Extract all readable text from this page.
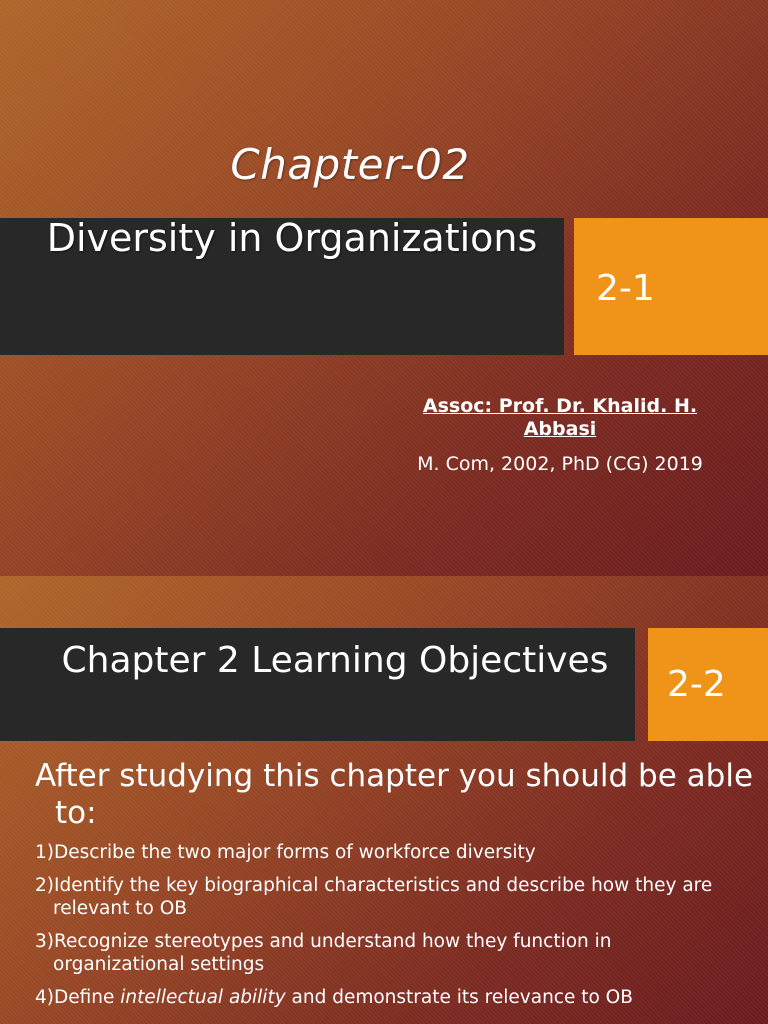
Chapter-02
Diversity in Organizations
2-1
Assoc: Prof. Dr. Khalid. H. Abbasi
M. Com, 2002, PhD (CG) 2019
Chapter 2 Learning Objectives
2-2
After studying this chapter you should be able to:
1)Describe the two major forms of workforce diversity
2)Identify the key biographical characteristics and describe how they are relevant to OB
3)Recognize stereotypes and understand how they function in organizational settings
4)Define intellectual ability and demonstrate its relevance to OB
